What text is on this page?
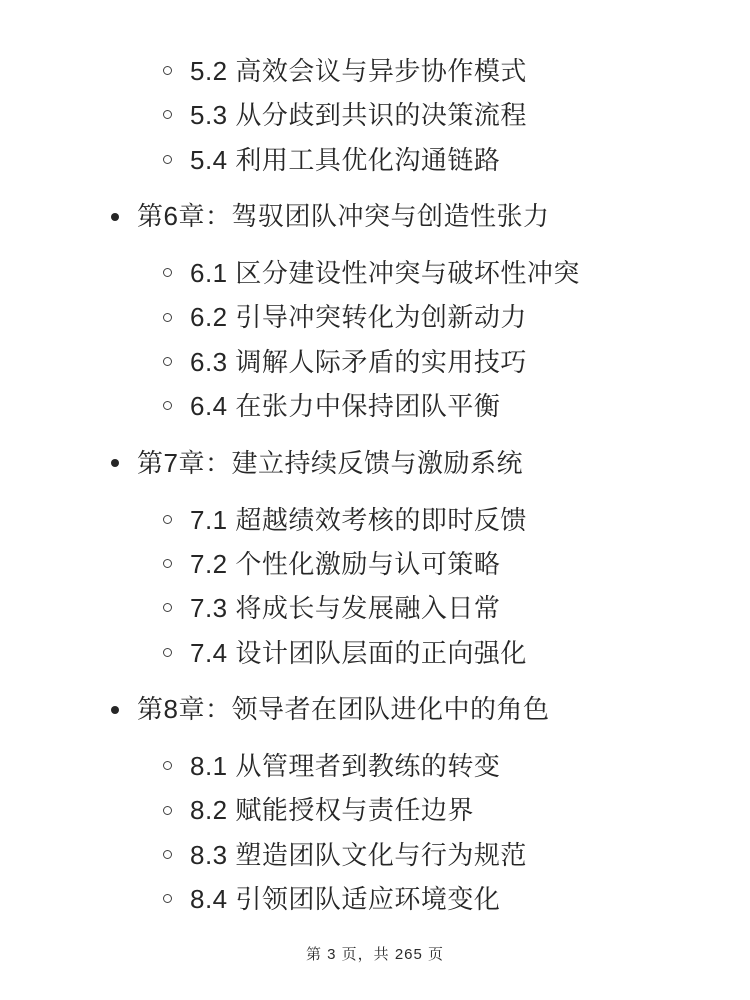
5.2 高效会议与异步协作模式
5.3 从分歧到共识的决策流程
5.4 利用工具优化沟通链路
第6章：驾驭团队冲突与创造性张力
6.1 区分建设性冲突与破坏性冲突
6.2 引导冲突转化为创新动力
6.3 调解人际矛盾的实用技巧
6.4 在张力中保持团队平衡
第7章：建立持续反馈与激励系统
7.1 超越绩效考核的即时反馈
7.2 个性化激励与认可策略
7.3 将成长与发展融入日常
7.4 设计团队层面的正向强化
第8章：领导者在团队进化中的角色
8.1 从管理者到教练的转变
8.2 赋能授权与责任边界
8.3 塑造团队文化与行为规范
8.4 引领团队适应环境变化
第 3 页，共 265 页
